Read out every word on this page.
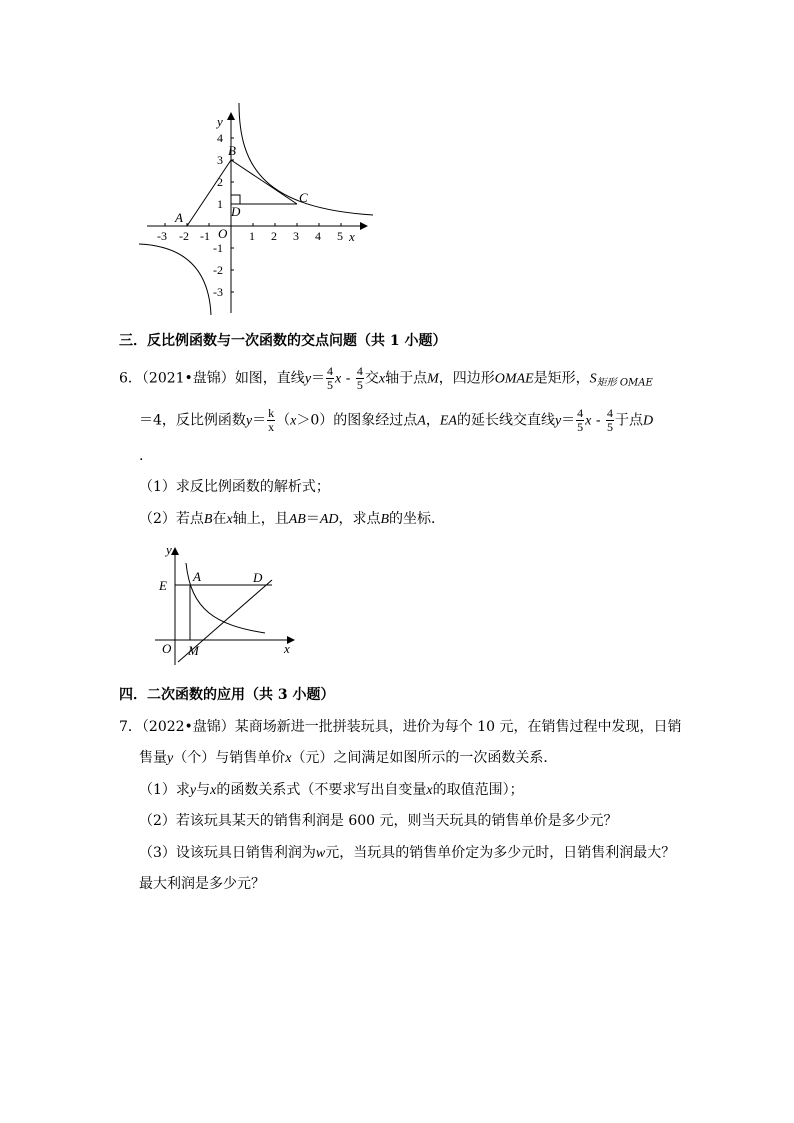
-3 -2 -1	1 2 3 4 5
4
3
2
1
-1
-2
-3
O	x
y
A
B
C
D
三．反比例函数与一次函数的交点问题（共 1 小题）
6．（2021•盘锦）如图，直线$y= \frac{4}{5}$ x - $\frac{4}{5}$ 交x轴于点M，四边形OMAE是矩形，$S_{矩形 OMAE}$
＝4，反比例函数$y= \frac{k}{x} (x>0)$的图象经过点A，EA的延长线交直线$y= \frac{4}{5}$ x - $\frac{4}{5}$ 于点D
.
（1）求反比例函数的解析式；
（2）若点B在x轴上，且AB＝AD，求点B的坐标．
E
A	D
M
O	x
y
四．二次函数的应用（共 3 小题）
7．（2022•盘锦）某商场新进一批拼装玩具，进价为每个 10 元，在销售过程中发现，日销
售量y（个）与销售单价x（元）之间满足如图所示的一次函数关系．
（1）求y与x的函数关系式（不要求写出自变量x的取值范围）；
（2）若该玩具某天的销售利润是 600 元，则当天玩具的销售单价是多少元？
（3）设该玩具日销售利润为w元，当玩具的销售单价定为多少元时，日销售利润最大？
最大利润是多少元？
